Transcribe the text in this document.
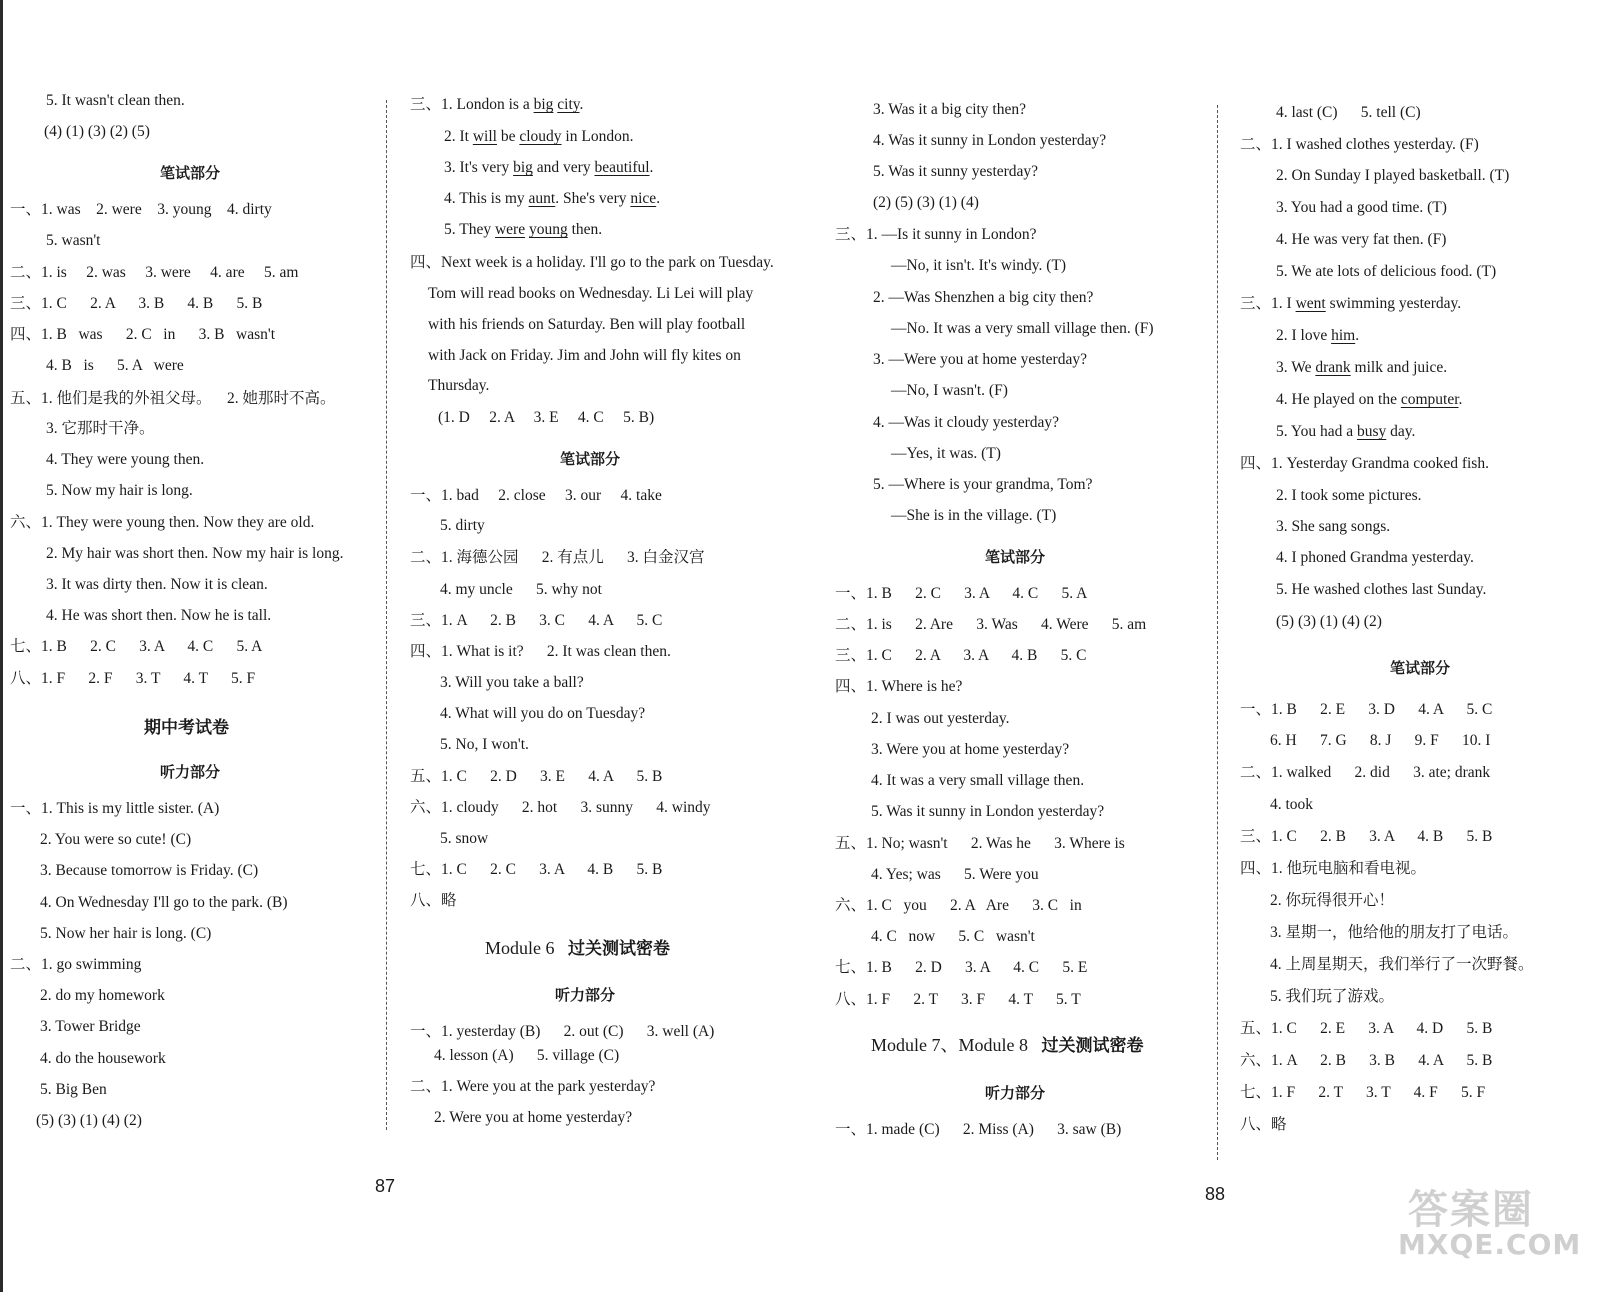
5. It wasn't clean then.
(4) (1) (3) (2) (5)
笔试部分
一、1. was    2. were    3. young    4. dirty
5. wasn't
二、1. is     2. was     3. were     4. are     5. am
三、1. C      2. A      3. B      4. B      5. B
四、1. B   was      2. C   in      3. B   wasn't
4. B   is      5. A   were
五、1. 他们是我的外祖父母。    2. 她那时不高。
3. 它那时干净。
4. They were young then.
5. Now my hair is long.
六、1. They were young then. Now they are old.
2. My hair was short then. Now my hair is long.
3. It was dirty then. Now it is clean.
4. He was short then. Now he is tall.
七、1. B      2. C      3. A      4. C      5. A
八、1. F      2. F      3. T      4. T      5. F
期中考试卷
听力部分
一、1. This is my little sister. (A)
2. You were so cute! (C)
3. Because tomorrow is Friday. (C)
4. On Wednesday I'll go to the park. (B)
5. Now her hair is long. (C)
二、1. go swimming
2. do my homework
3. Tower Bridge
4. do the housework
5. Big Ben
(5) (3) (1) (4) (2)
三、1. London is a big city.
2. It will be cloudy in London.
3. It's very big and very beautiful.
4. This is my aunt. She's very nice.
5. They were young then.
四、Next week is a holiday. I'll go to the park on Tuesday.
Tom will read books on Wednesday. Li Lei will play
with his friends on Saturday. Ben will play football
with Jack on Friday. Jim and John will fly kites on
Thursday.
(1. D     2. A     3. E     4. C     5. B)
笔试部分
一、1. bad     2. close     3. our     4. take
5. dirty
二、1. 海德公园      2. 有点儿      3. 白金汉宫
4. my uncle      5. why not
三、1. A      2. B      3. C      4. A      5. C
四、1. What is it?      2. It was clean then.
3. Will you take a ball?
4. What will you do on Tuesday?
5. No, I won't.
五、1. C      2. D      3. E      4. A      5. B
六、1. cloudy      2. hot      3. sunny      4. windy
5. snow
七、1. C      2. C      3. A      4. B      5. B
八、略
Module 6 过关测试密卷
听力部分
一、1. yesterday (B)      2. out (C)      3. well (A)
4. lesson (A)      5. village (C)
二、1. Were you at the park yesterday?
2. Were you at home yesterday?
87
3. Was it a big city then?
4. Was it sunny in London yesterday?
5. Was it sunny yesterday?
(2) (5) (3) (1) (4)
三、1. —Is it sunny in London?
—No, it isn't. It's windy. (T)
2. —Was Shenzhen a big city then?
—No. It was a very small village then. (F)
3. —Were you at home yesterday?
—No, I wasn't. (F)
4. —Was it cloudy yesterday?
—Yes, it was. (T)
5. —Where is your grandma, Tom?
—She is in the village. (T)
笔试部分
一、1. B      2. C      3. A      4. C      5. A
二、1. is      2. Are      3. Was      4. Were      5. am
三、1. C      2. A      3. A      4. B      5. C
四、1. Where is he?
2. I was out yesterday.
3. Were you at home yesterday?
4. It was a very small village then.
5. Was it sunny in London yesterday?
五、1. No; wasn't      2. Was he      3. Where is
4. Yes; was      5. Were you
六、1. C   you      2. A   Are      3. C   in
4. C   now      5. C   wasn't
七、1. B      2. D      3. A      4. C      5. E
八、1. F      2. T      3. F      4. T      5. T
Module 7、Module 8 过关测试密卷
听力部分
一、1. made (C)      2. Miss (A)      3. saw (B)
4. last (C)      5. tell (C)
二、1. I washed clothes yesterday. (F)
2. On Sunday I played basketball. (T)
3. You had a good time. (T)
4. He was very fat then. (F)
5. We ate lots of delicious food. (T)
三、1. I went swimming yesterday.
2. I love him.
3. We drank milk and juice.
4. He played on the computer.
5. You had a busy day.
四、1. Yesterday Grandma cooked fish.
2. I took some pictures.
3. She sang songs.
4. I phoned Grandma yesterday.
5. He washed clothes last Sunday.
(5) (3) (1) (4) (2)
笔试部分
一、1. B      2. E      3. D      4. A      5. C
6. H      7. G      8. J      9. F      10. I
二、1. walked      2. did      3. ate; drank
4. took
三、1. C      2. B      3. A      4. B      5. B
四、1. 他玩电脑和看电视。
2. 你玩得很开心！
3. 星期一，他给他的朋友打了电话。
4. 上周星期天，我们举行了一次野餐。
5. 我们玩了游戏。
五、1. C      2. E      3. A      4. D      5. B
六、1. A      2. B      3. B      4. A      5. B
七、1. F      2. T      3. T      4. F      5. F
八、略
88	答案圈
MXQE.COM
